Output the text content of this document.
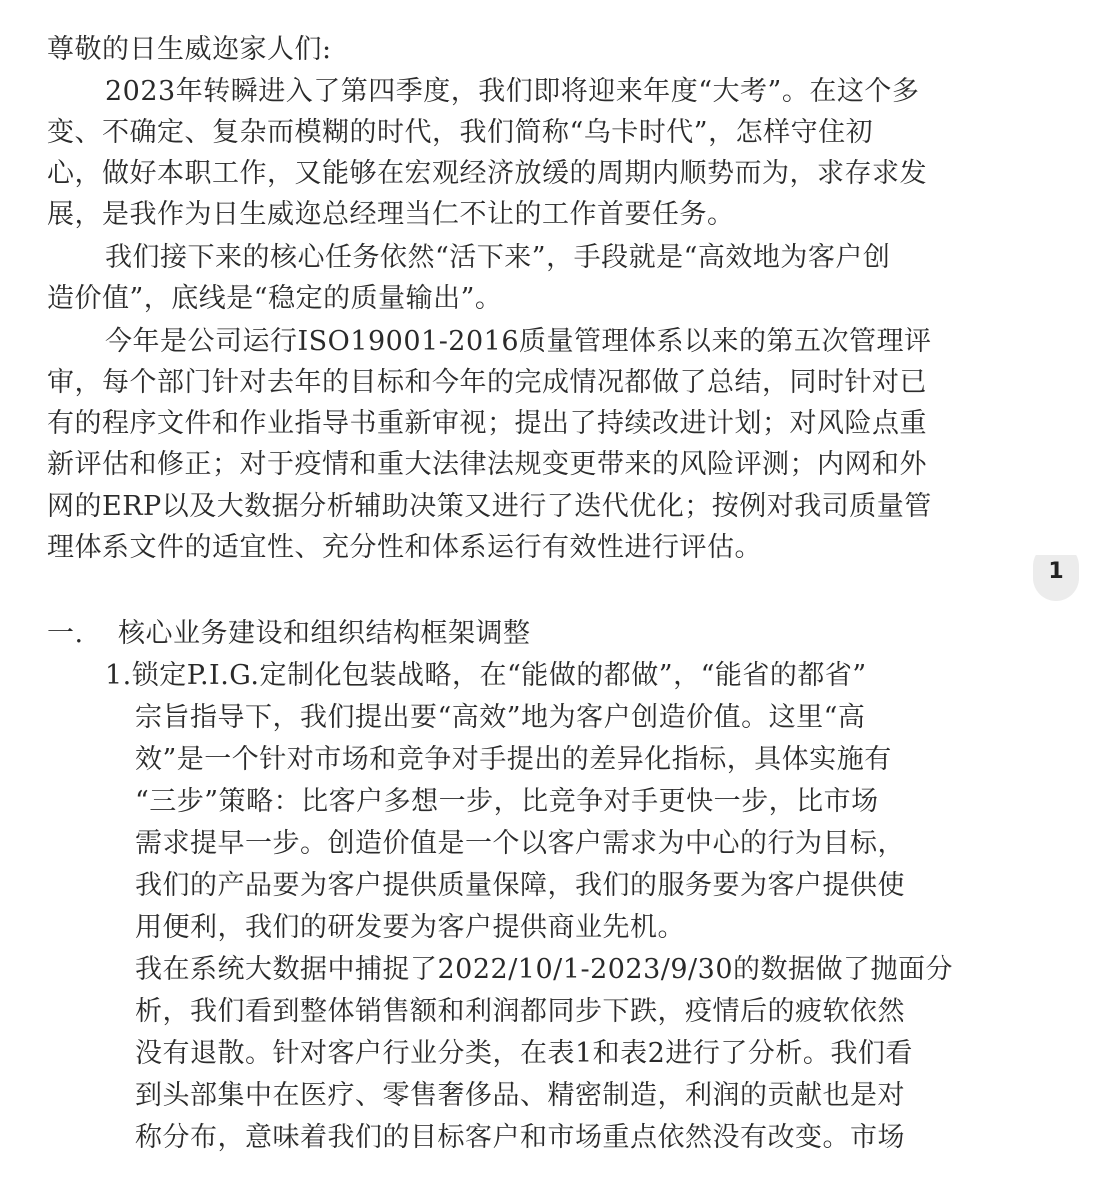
尊敬的日生威迩家人们:
2023年转瞬进入了第四季度，我们即将迎来年度“大考”。在这个多
变、不确定、复杂而模糊的时代，我们简称“乌卡时代”，怎样守住初
心，做好本职工作，又能够在宏观经济放缓的周期内顺势而为，求存求发
展，是我作为日生威迩总经理当仁不让的工作首要任务。
我们接下来的核心任务依然“活下来”，手段就是“高效地为客户创
造价值”，底线是“稳定的质量输出”。
今年是公司运行ISO19001-2016质量管理体系以来的第五次管理评
审，每个部门针对去年的目标和今年的完成情况都做了总结，同时针对已
有的程序文件和作业指导书重新审视；提出了持续改进计划；对风险点重
新评估和修正；对于疫情和重大法律法规变更带来的风险评测；内网和外
网的ERP以及大数据分析辅助决策又进行了迭代优化；按例对我司质量管
理体系文件的适宜性、充分性和体系运行有效性进行评估。
一. 核心业务建设和组织结构框架调整
1.锁定P.I.G.定制化包装战略，在“能做的都做”，“能省的都省”
宗旨指导下，我们提出要“高效”地为客户创造价值。这里“高
效”是一个针对市场和竞争对手提出的差异化指标，具体实施有
“三步”策略：比客户多想一步，比竞争对手更快一步，比市场
需求提早一步。创造价值是一个以客户需求为中心的行为目标，
我们的产品要为客户提供质量保障，我们的服务要为客户提供使
用便利，我们的研发要为客户提供商业先机。
我在系统大数据中捕捉了2022/10/1-2023/9/30的数据做了抛面分
析，我们看到整体销售额和利润都同步下跌，疫情后的疲软依然
没有退散。针对客户行业分类，在表1和表2进行了分析。我们看
到头部集中在医疗、零售奢侈品、精密制造，利润的贡献也是对
称分布，意味着我们的目标客户和市场重点依然没有改变。市场
1
